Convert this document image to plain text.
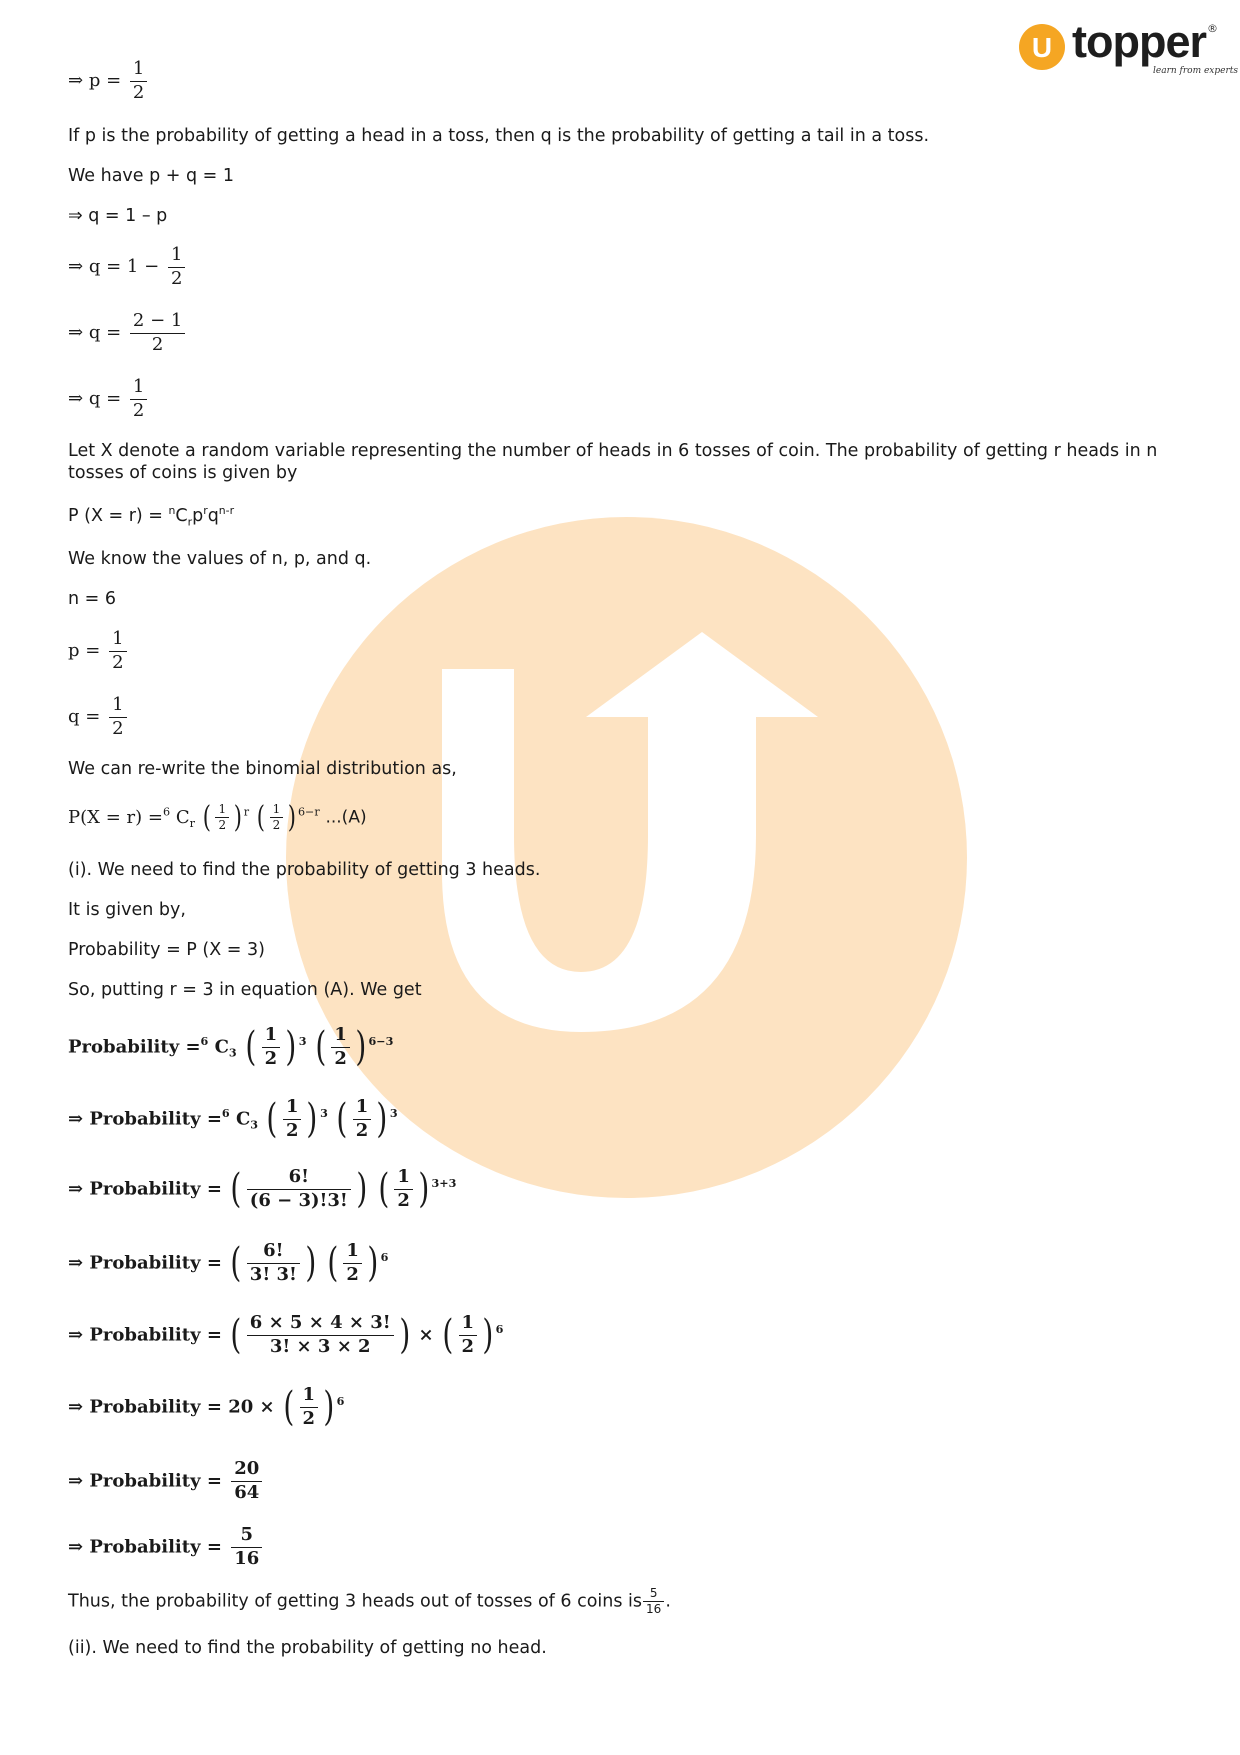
U topper ®
learn from experts
⇒ $p = \frac{1}{2}$
If p is the probability of getting a head in a toss, then q is the probability of getting a tail in a toss.
We have p + q = 1
⇒ q = 1 – p
⇒ $q = 1 - \frac{1}{2}$
⇒ $q = \frac{2 - 1}{2}$
⇒ $q = \frac{1}{2}$
Let X denote a random variable representing the number of heads in 6 tosses of coin. The probability of getting r heads in n tosses of coins is given by
P $(X = r) = ^nC_rp^rq^{n-r}$
We know the values of n, p, and q.
n = 6
$p = \frac{1}{2}$
$q = \frac{1}{2}$
We can re-write the binomial distribution as,
P(X = r) =$^6$ $C_r$ ( $\frac{1}{2}$ ) $^r$ ( $\frac{1}{2}$ ) $^{6-r}$ ...(A)
(i). We need to find the probability of getting 3 heads.
It is given by,
Probability = P (X = 3)
So, putting r = 3 in equation (A). We get
Probability =$^6$ $C_3$ ( $\frac{1}{2}$ ) $^3$ ( $\frac{1}{2}$ ) $^{6-3}$
⇒ Probability =$^6$ $C_3$ ( $\frac{1}{2}$ ) $^3$ ( $\frac{1}{2}$ ) $^3$
⇒ Probability = ( $\frac{6!}{(6 - 3)!3!}$ ) ( $\frac{1}{2}$ ) $^{3+3}$
⇒ Probability = ( $\frac{6!}{3! 3!}$ ) ( $\frac{1}{2}$ ) $^6$
⇒ Probability = ( $\frac{6 \times 5 \times 4 \times 3!}{3! \times 3 \times 2}$ ) × ( $\frac{1}{2}$ ) $^6$
⇒ Probability = 20 × ( $\frac{1}{2}$ ) $^6$
⇒ Probability = $\frac{20}{64}$
⇒ Probability = $\frac{5}{16}$
Thus, the probability of getting 3 heads out of tosses of 6 coins is $\frac{5}{16}$ .
(ii). We need to find the probability of getting no head.
